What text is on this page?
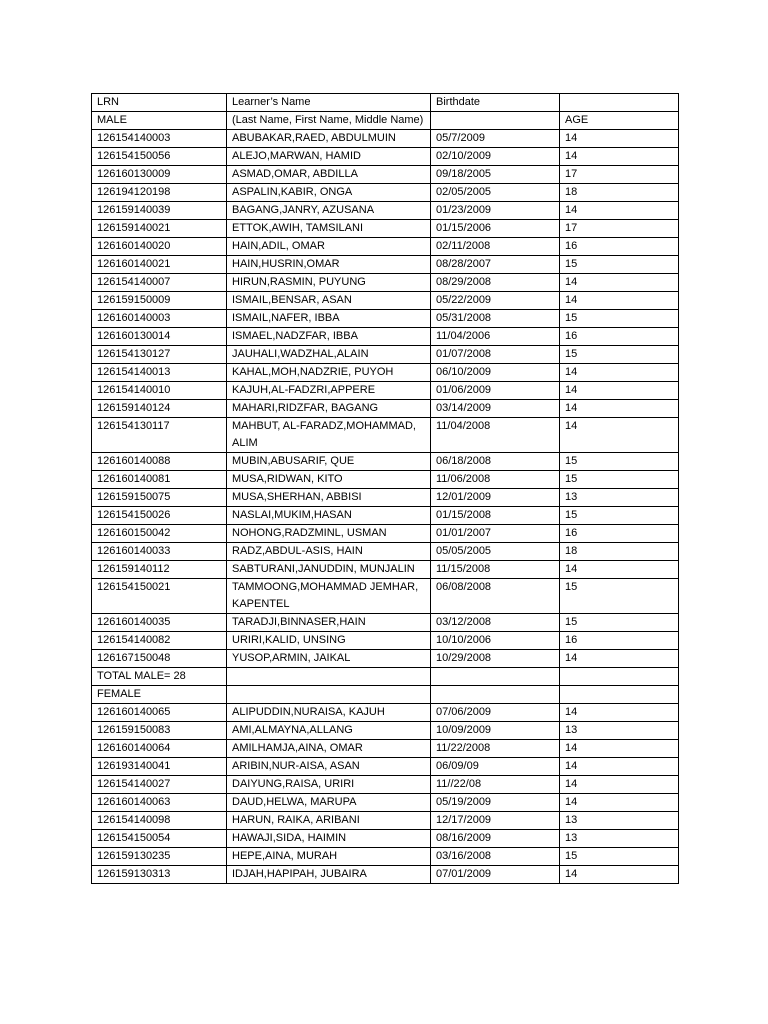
LRN	Learner’s Name	Birthdate	
MALE	(Last Name, First Name, Middle Name)		AGE
126154140003	ABUBAKAR,RAED, ABDULMUIN	05/7/2009	14
126154150056	ALEJO,MARWAN, HAMID	02/10/2009	14
126160130009	ASMAD,OMAR, ABDILLA	09/18/2005	17
126194120198	ASPALIN,KABIR, ONGA	02/05/2005	18
126159140039	BAGANG,JANRY, AZUSANA	01/23/2009	14
126159140021	ETTOK,AWIH, TAMSILANI	01/15/2006	17
126160140020	HAIN,ADIL, OMAR	02/11/2008	16
126160140021	HAIN,HUSRIN,OMAR	08/28/2007	15
126154140007	HIRUN,RASMIN, PUYUNG	08/29/2008	14
126159150009	ISMAIL,BENSAR, ASAN	05/22/2009	14
126160140003	ISMAIL,NAFER, IBBA	05/31/2008	15
126160130014	ISMAEL,NADZFAR, IBBA	11/04/2006	16
126154130127	JAUHALI,WADZHAL,ALAIN	01/07/2008	15
126154140013	KAHAL,MOH,NADZRIE, PUYOH	06/10/2009	14
126154140010	KAJUH,AL-FADZRI,APPERE	01/06/2009	14
126159140124	MAHARI,RIDZFAR, BAGANG	03/14/2009	14
126154130117	MAHBUT, AL-FARADZ,MOHAMMAD, ALIM	11/04/2008	14
126160140088	MUBIN,ABUSARIF, QUE	06/18/2008	15
126160140081	MUSA,RIDWAN, KITO	11/06/2008	15
126159150075	MUSA,SHERHAN, ABBISI	12/01/2009	13
126154150026	NASLAI,MUKIM,HASAN	01/15/2008	15
126160150042	NOHONG,RADZMINL, USMAN	01/01/2007	16
126160140033	RADZ,ABDUL-ASIS, HAIN	05/05/2005	18
126159140112	SABTURANI,JANUDDIN, MUNJALIN	11/15/2008	14
126154150021	TAMMOONG,MOHAMMAD JEMHAR, KAPENTEL	06/08/2008	15
126160140035	TARADJI,BINNASER,HAIN	03/12/2008	15
126154140082	URIRI,KALID, UNSING	10/10/2006	16
126167150048	YUSOP,ARMIN, JAIKAL	10/29/2008	14
TOTAL MALE= 28			
FEMALE			
126160140065	ALIPUDDIN,NURAISA, KAJUH	07/06/2009	14
126159150083	AMI,ALMAYNA,ALLANG	10/09/2009	13
126160140064	AMILHAMJA,AINA, OMAR	11/22/2008	14
126193140041	ARIBIN,NUR-AISA, ASAN	06/09/09	14
126154140027	DAIYUNG,RAISA, URIRI	11//22/08	14
126160140063	DAUD,HELWA, MARUPA	05/19/2009	14
126154140098	HARUN, RAIKA, ARIBANI	12/17/2009	13
126154150054	HAWAJI,SIDA, HAIMIN	08/16/2009	13
126159130235	HEPE,AINA, MURAH	03/16/2008	15
126159130313	IDJAH,HAPIPAH, JUBAIRA	07/01/2009	14
